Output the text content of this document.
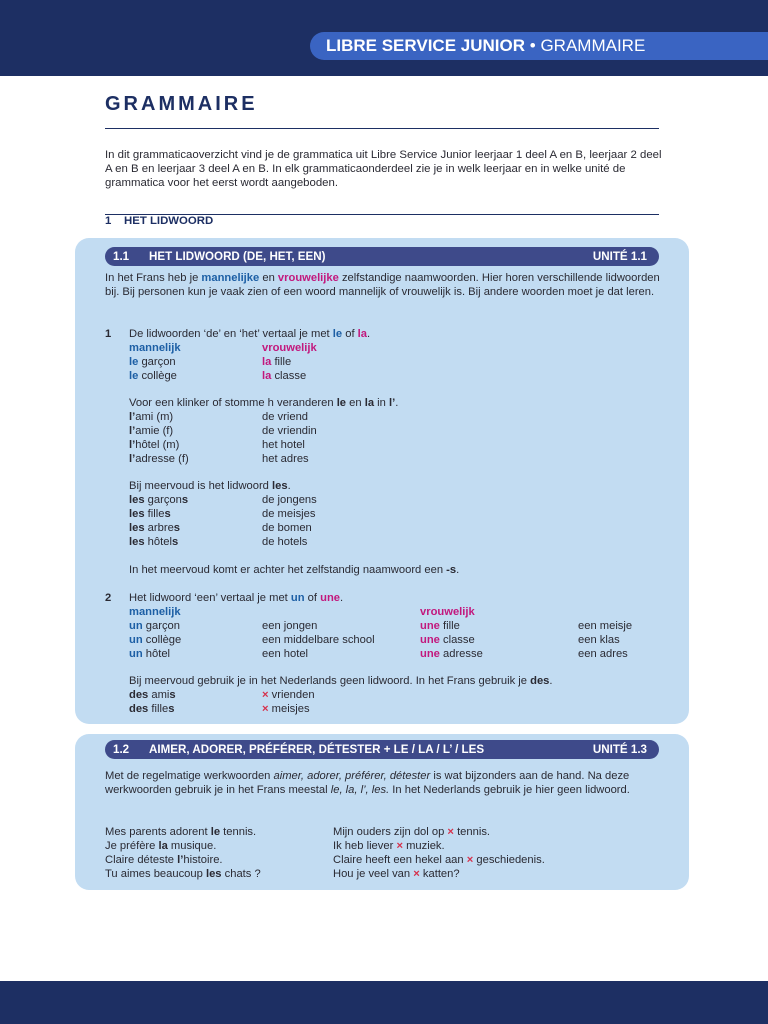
LIBRE SERVICE JUNIOR • GRAMMAIRE
GRAMMAIRE
In dit grammaticaoverzicht vind je de grammatica uit Libre Service Junior leerjaar 1 deel A en B, leerjaar 2 deel A en B en leerjaar 3 deel A en B. In elk grammaticaonderdeel zie je in welk leerjaar en in welke unité de grammatica voor het eerst wordt aangeboden.
1 HET LIDWOORD
1.1 HET LIDWOORD (DE, HET, EEN)	UNITÉ 1.1
In het Frans heb je mannelijke en vrouwelijke zelfstandige naamwoorden. Hier horen verschillende lidwoorden bij. Bij personen kun je vaak zien of een woord mannelijk of vrouwelijk is. Bij andere woorden moet je dat leren.
1 De lidwoorden ‘de’ en ‘het’ vertaal je met le of la.
mannelijk	vrouwelijk
le garçon	la fille
le collège	la classe
Voor een klinker of stomme h veranderen le en la in l’.
l’ami (m)	de vriend
l’amie (f)	de vriendin
l’hôtel (m)	het hotel
l’adresse (f)	het adres
Bij meervoud is het lidwoord les.
les garçons	de jongens
les filles	de meisjes
les arbres	de bomen
les hôtels	de hotels
In het meervoud komt er achter het zelfstandig naamwoord een -s.
2 Het lidwoord ‘een’ vertaal je met un of une.
mannelijk	vrouwelijk
un garçon	een jongen	une fille	een meisje
un collège	een middelbare school	une classe	een klas
un hôtel	een hotel	une adresse	een adres
Bij meervoud gebruik je in het Nederlands geen lidwoord. In het Frans gebruik je des.
des amis	× vrienden
des filles	× meisjes
1.2 AIMER, ADORER, PRÉFÉRER, DÉTESTER + LE / LA / L’ / LES	UNITÉ 1.3
Met de regelmatige werkwoorden aimer, adorer, préférer, détester is wat bijzonders aan de hand. Na deze werkwoorden gebruik je in het Frans meestal le, la, l’, les. In het Nederlands gebruik je hier geen lidwoord.
Mes parents adorent le tennis.	Mijn ouders zijn dol op × tennis.
Je préfère la musique.	Ik heb liever × muziek.
Claire déteste l’histoire.	Claire heeft een hekel aan × geschiedenis.
Tu aimes beaucoup les chats ?	Hou je veel van × katten?
